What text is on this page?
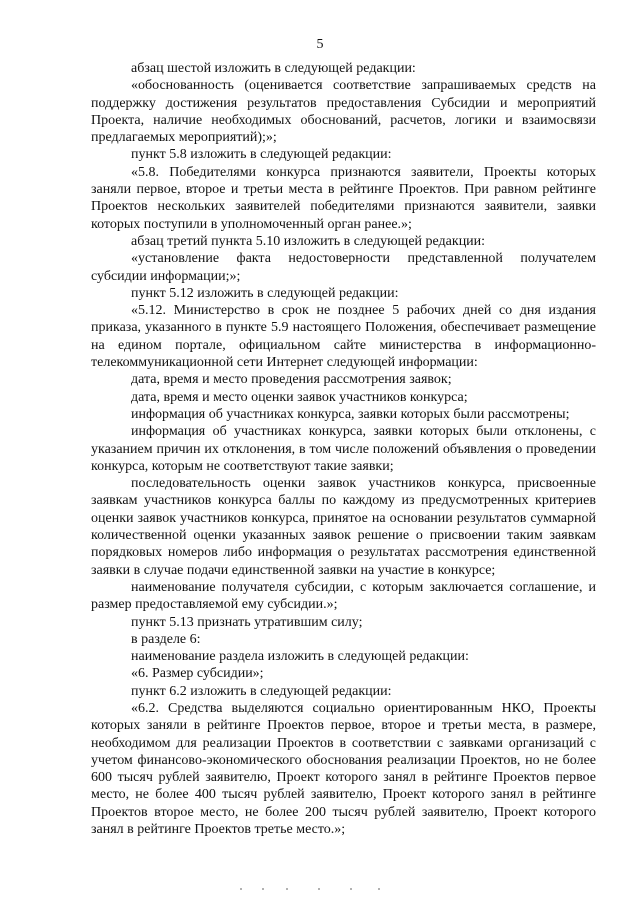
5

абзац шестой изложить в следующей редакции:

«обоснованность (оценивается соответствие запрашиваемых средств на поддержку достижения результатов предоставления Субсидии и мероприятий Проекта, наличие необходимых обоснований, расчетов, логики и взаимосвязи предлагаемых мероприятий);»;

пункт 5.8 изложить в следующей редакции:

«5.8. Победителями конкурса признаются заявители, Проекты которых заняли первое, второе и третьи места в рейтинге Проектов. При равном рейтинге Проектов нескольких заявителей победителями признаются заявители, заявки которых поступили в уполномоченный орган ранее.»;

абзац третий пункта 5.10 изложить в следующей редакции:

«установление факта недостоверности представленной получателем субсидии информации;»;

пункт 5.12 изложить в следующей редакции:

«5.12. Министерство в срок не позднее 5 рабочих дней со дня издания приказа, указанного в пункте 5.9 настоящего Положения, обеспечивает размещение на едином портале, официальном сайте министерства в информационно-телекоммуникационной сети Интернет следующей информации:

дата, время и место проведения рассмотрения заявок;

дата, время и место оценки заявок участников конкурса;

информация об участниках конкурса, заявки которых были рассмотрены;

информация об участниках конкурса, заявки которых были отклонены, с указанием причин их отклонения, в том числе положений объявления о проведении конкурса, которым не соответствуют такие заявки;

последовательность оценки заявок участников конкурса, присвоенные заявкам участников конкурса баллы по каждому из предусмотренных критериев оценки заявок участников конкурса, принятое на основании результатов суммарной количественной оценки указанных заявок решение о присвоении таким заявкам порядковых номеров либо информация о результатах рассмотрения единственной заявки в случае подачи единственной заявки на участие в конкурсе;

наименование получателя субсидии, с которым заключается соглашение, и размер предоставляемой ему субсидии.»;

пункт 5.13 признать утратившим силу;

в разделе 6:

наименование раздела изложить в следующей редакции:

«6. Размер субсидии»;

пункт 6.2 изложить в следующей редакции:

«6.2. Средства выделяются социально ориентированным НКО, Проекты которых заняли в рейтинге Проектов первое, второе и третьи места, в размере, необходимом для реализации Проектов в соответствии с заявками организаций с учетом финансово-экономического обоснования реализации Проектов, но не более 600 тысяч рублей заявителю, Проект которого занял в рейтинге Проектов первое место, не более 400 тысяч рублей заявителю, Проект которого занял в рейтинге Проектов второе место, не более 200 тысяч рублей заявителю, Проект которого занял в рейтинге Проектов третье место.»;
